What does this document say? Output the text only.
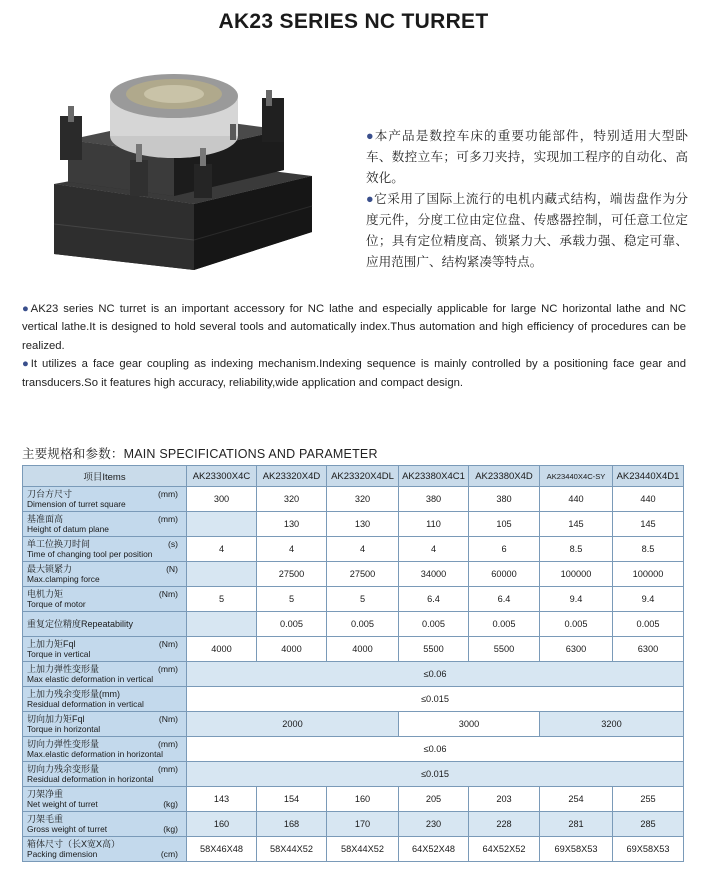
AK23 SERIES NC TURRET

●本产品是数控车床的重要功能部件，特别适用大型卧车、数控立车；可多刀夹持，实现加工程序的自动化、高效化。

●它采用了国际上流行的电机内藏式结构，端齿盘作为分度元件，分度工位由定位盘、传感器控制，可任意工位定位；具有定位精度高、锁紧力大、承载力强、稳定可靠、应用范围广、结构紧凑等特点。

●AK23 series NC turret is an important accessory for NC lathe and especially applicable for large NC horizontal lathe and NC vertical lathe.It is designed to hold several tools and automatically index.Thus automation and high efficiency of procedures can be realized.

●It utilizes a face gear coupling as indexing mechanism.Indexing sequence is mainly controlled by a positioning face gear and transducers.So it features high accuracy, reliability,wide application and compact design.

主要规格和参数：MAIN SPECIFICATIONS AND PARAMETER
项目Items	AK23300X4C	AK23320X4D	AK23320X4DL	AK23380X4C1	AK23380X4D	AK23440X4C-SY	AK23440X4D1

刀台方尺寸
Dimension of turret square
(mm)	300	320	320	380	380	440	440

基准面高
Height of datum plane
(mm)		130	130	110	105	145	145

单工位换刀时间
Time of changing tool per position
(s)	4	4	4	4	6	8.5	8.5

最大锁紧力
Max.clamping force
(N)		27500	27500	34000	60000	100000	100000

电机力矩
Torque of motor
(Nm)	5	5	5	6.4	6.4	9.4	9.4

重复定位精度Repeatability		0.005	0.005	0.005	0.005	0.005	0.005

上加力矩Fql
Torque in vertical
(Nm)	4000	4000	4000	5500	5500	6300	6300

上加力弹性变形量
Max elastic deformation in vertical
(mm)	≤0.06						

上加力残余变形量(mm)
Residual deformation in vertical	≤0.015						

切向加力矩Fql
Torque in horizontal
(Nm)	2000			3000		3200	

切向力弹性变形量
Max.elastic deformation in horizontal
(mm)	≤0.06						

切向力残余变形量
Residual deformation in horizontal
(mm)	≤0.015						

刀架净重
Net weight of turret (kg)	143	154	160	205	203	254	255

刀架毛重
Gross weight of turret (kg)	160	168	170	230	228	281	285

箱体尺寸（长X宽X高）
Packing dimension (cm)	58X46X48	58X44X52	58X44X52	64X52X48	64X52X52	69X58X53	69X58X53
